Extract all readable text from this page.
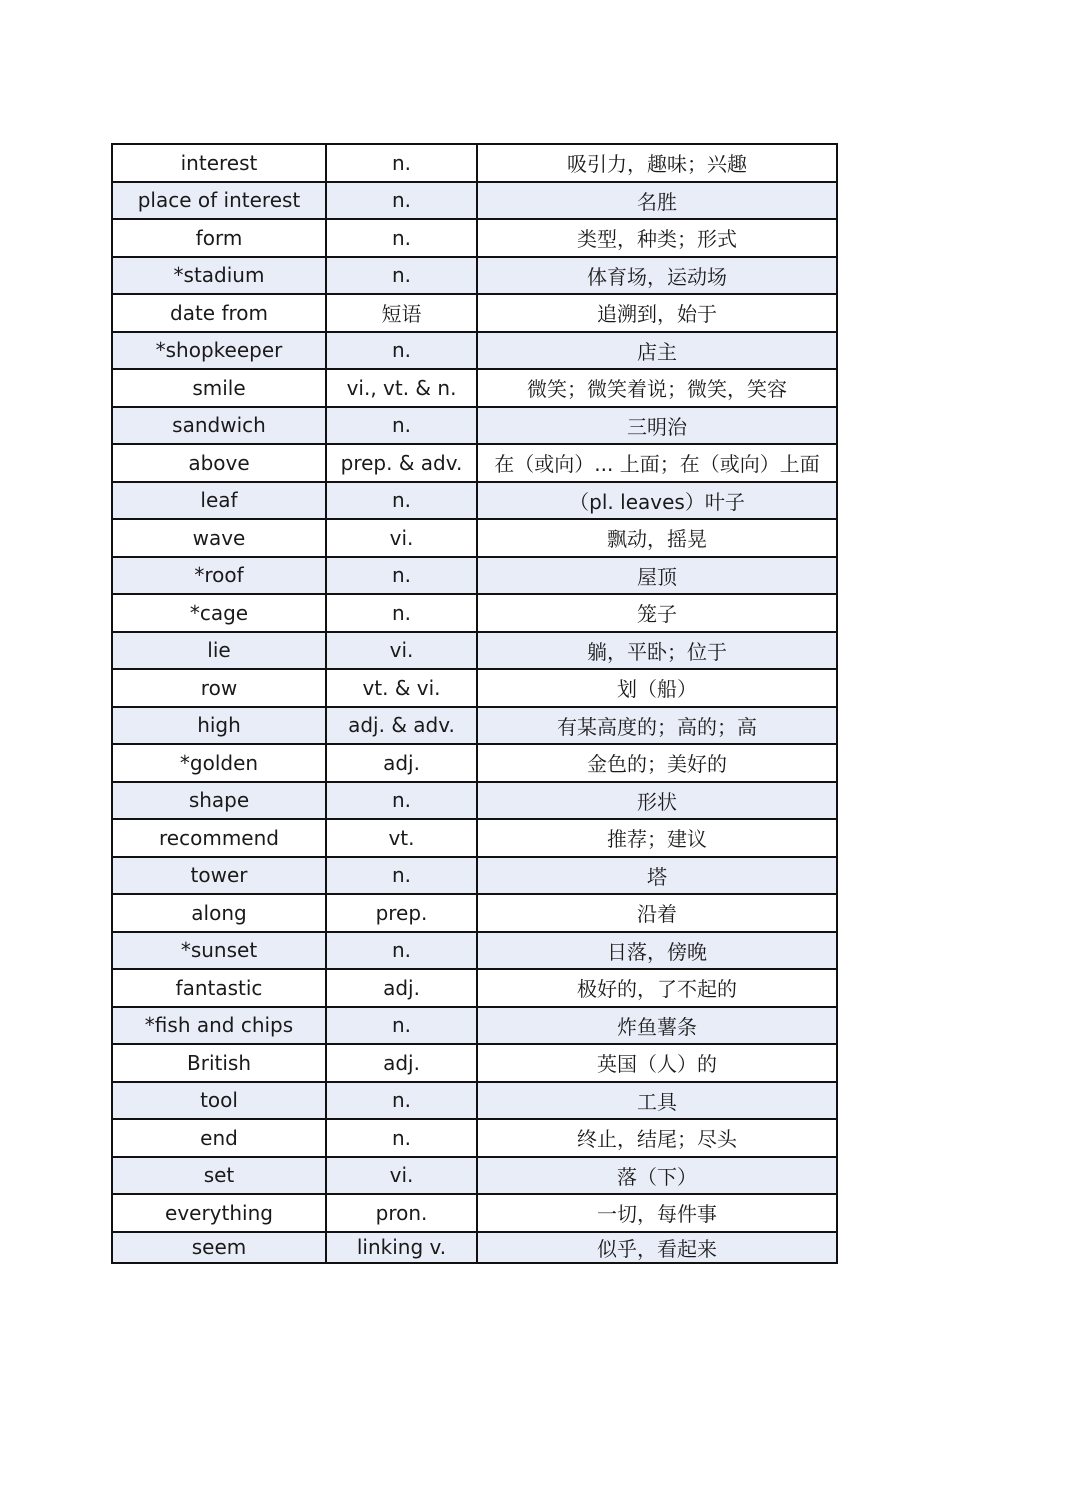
interest	n.	吸引力，趣味；兴趣
place of interest	n.	名胜
form	n.	类型，种类；形式
*stadium	n.	体育场，运动场
date from	短语	追溯到，始于
*shopkeeper	n.	店主
smile	vi., vt. & n.	微笑；微笑着说；微笑，笑容
sandwich	n.	三明治
above	prep. & adv.	在（或向）... 上面；在（或向）上面
leaf	n.	（pl. leaves）叶子
wave	vi.	飘动，摇晃
*roof	n.	屋顶
*cage	n.	笼子
lie	vi.	躺，平卧；位于
row	vt. & vi.	划（船）
high	adj. & adv.	有某高度的；高的；高
*golden	adj.	金色的；美好的
shape	n.	形状
recommend	vt.	推荐；建议
tower	n.	塔
along	prep.	沿着
*sunset	n.	日落，傍晚
fantastic	adj.	极好的，了不起的
*fish and chips	n.	炸鱼薯条
British	adj.	英国（人）的
tool	n.	工具
end	n.	终止，结尾；尽头
set	vi.	落（下）
everything	pron.	一切，每件事
seem	linking v.	似乎，看起来
